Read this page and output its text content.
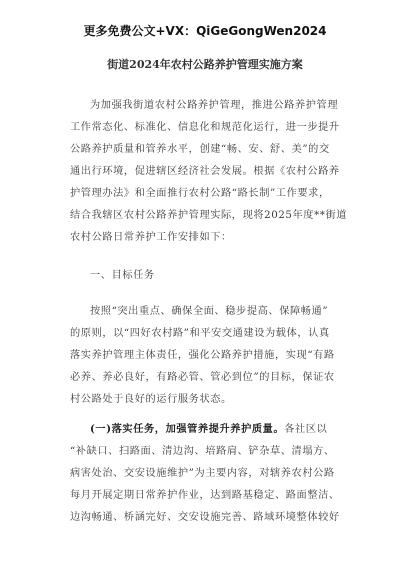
更多免费公文+VX：QiGeGongWen2024
街道2024年农村公路养护管理实施方案
为加强我街道农村公路养护管理，推进公路养护管理
工作常态化、标准化、信息化和规范化运行，进一步提升
公路养护质量和管养水平，创建“畅、安、舒、美”的交
通出行环境，促进辖区经济社会发展。根据《农村公路养
护管理办法》和全面推行农村公路“路长制”工作要求，
结合我辖区农村公路养护管理实际，现将2025年度**街道
农村公路日常养护工作安排如下：
一、目标任务
按照“突出重点、确保全面、稳步提高、保障畅通”
的原则，以“四好农村路”和平安交通建设为载体，认真
落实养护管理主体责任，强化公路养护措施，实现“有路
必养、养必良好，有路必管、管必到位”的目标，保证农
村公路处于良好的运行服务状态。
(一)落实任务，加强管养提升养护质量。各社区以
“补缺口、扫路面、清边沟、培路肩、铲杂草、清塌方、
病害处治、交安设施维护”为主要内容，对辖养农村公路
每月开展定期日常养护作业，达到路基稳定、路面整洁、
边沟畅通、桥涵完好、交安设施完善、路域环境整体较好
